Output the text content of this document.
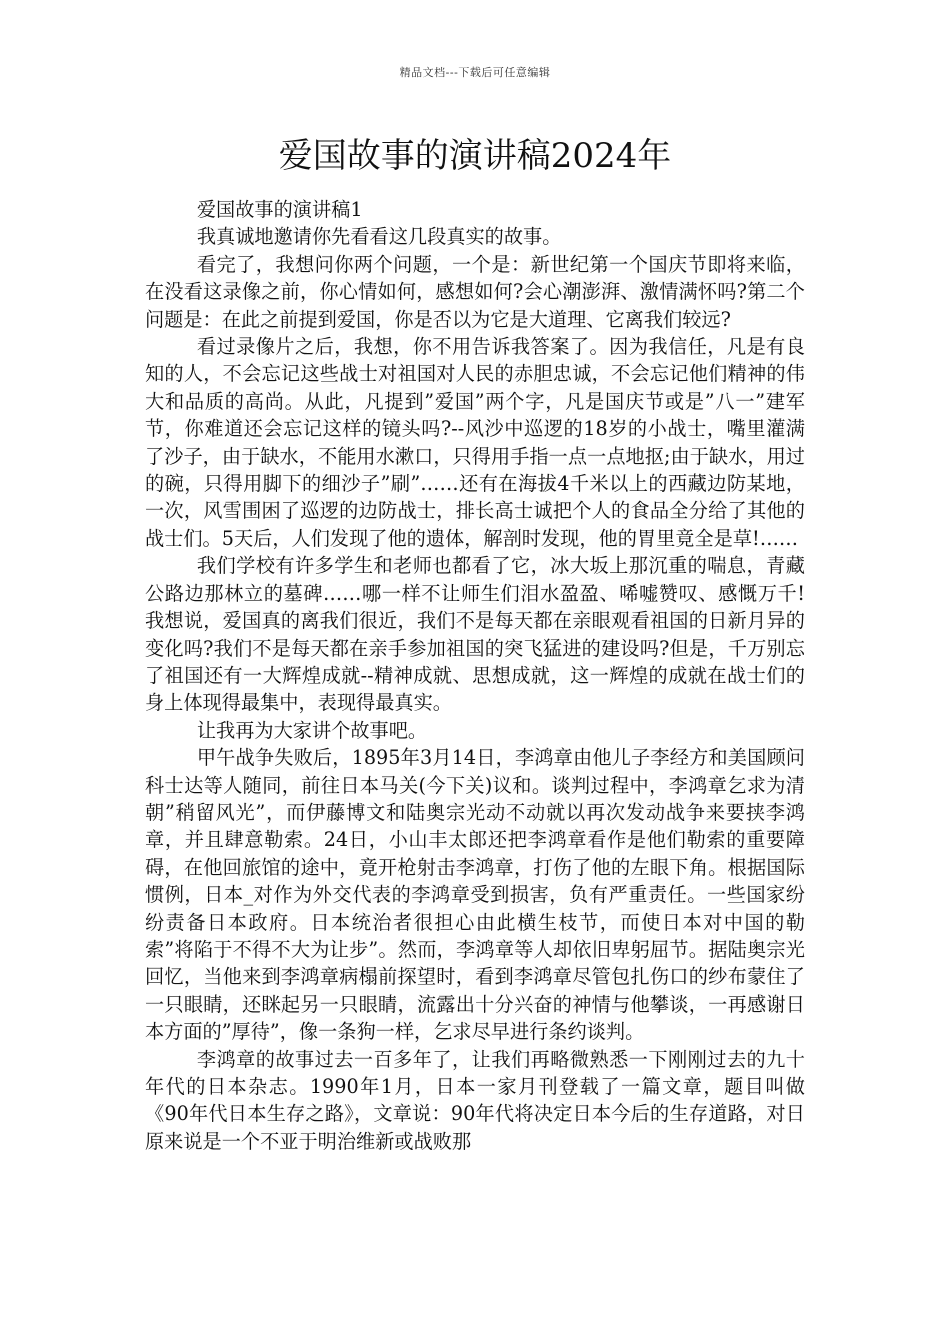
精品文档---下载后可任意编辑
爱国故事的演讲稿2024年

爱国故事的演讲稿1

我真诚地邀请你先看看这几段真实的故事。

看完了，我想问你两个问题，一个是：新世纪第一个国庆节即将来临，在没看这录像之前，你心情如何，感想如何?会心潮澎湃、激情满怀吗?第二个问题是：在此之前提到爱国，你是否以为它是大道理、它离我们较远?

看过录像片之后，我想，你不用告诉我答案了。因为我信任，凡是有良知的人，不会忘记这些战士对祖国对人民的赤胆忠诚，不会忘记他们精神的伟大和品质的高尚。从此，凡提到”爱国”两个字，凡是国庆节或是”八一”建军节，你难道还会忘记这样的镜头吗?--风沙中巡逻的18岁的小战士，嘴里灌满了沙子，由于缺水，不能用水漱口，只得用手指一点一点地抠;由于缺水，用过的碗，只得用脚下的细沙子”刷”……还有在海拔4千米以上的西藏边防某地，一次，风雪围困了巡逻的边防战士，排长高士诚把个人的食品全分给了其他的战士们。5天后，人们发现了他的遗体，解剖时发现，他的胃里竟全是草!……

我们学校有许多学生和老师也都看了它，冰大坂上那沉重的喘息，青藏公路边那林立的墓碑……哪一样不让师生们泪水盈盈、唏嘘赞叹、感慨万千!我想说，爱国真的离我们很近，我们不是每天都在亲眼观看祖国的日新月异的变化吗?我们不是每天都在亲手参加祖国的突飞猛进的建设吗?但是，千万别忘了祖国还有一大辉煌成就--精神成就、思想成就，这一辉煌的成就在战士们的身上体现得最集中，表现得最真实。

让我再为大家讲个故事吧。

甲午战争失败后，1895年3月14日，李鸿章由他儿子李经方和美国顾问科士达等人随同，前往日本马关(今下关)议和。谈判过程中，李鸿章乞求为清朝”稍留风光”，而伊藤博文和陆奥宗光动不动就以再次发动战争来要挟李鸿章，并且肆意勒索。24日，小山丰太郎还把李鸿章看作是他们勒索的重要障碍，在他回旅馆的途中，竟开枪射击李鸿章，打伤了他的左眼下角。根据国际惯例，日本_对作为外交代表的李鸿章受到损害，负有严重责任。一些国家纷纷责备日本政府。日本统治者很担心由此横生枝节，而使日本对中国的勒索”将陷于不得不大为让步”。然而，李鸿章等人却依旧卑躬屈节。据陆奥宗光回忆，当他来到李鸿章病榻前探望时，看到李鸿章尽管包扎伤口的纱布蒙住了一只眼睛，还眯起另一只眼睛，流露出十分兴奋的神情与他攀谈，一再感谢日本方面的”厚待”，像一条狗一样，乞求尽早进行条约谈判。

李鸿章的故事过去一百多年了，让我们再略微熟悉一下刚刚过去的九十年代的日本杂志。1990年1月，日本一家月刊登载了一篇文章，题目叫做《90年代日本生存之路》，文章说：90年代将决定日本今后的生存道路，对日原来说是一个不亚于明治维新或战败那
